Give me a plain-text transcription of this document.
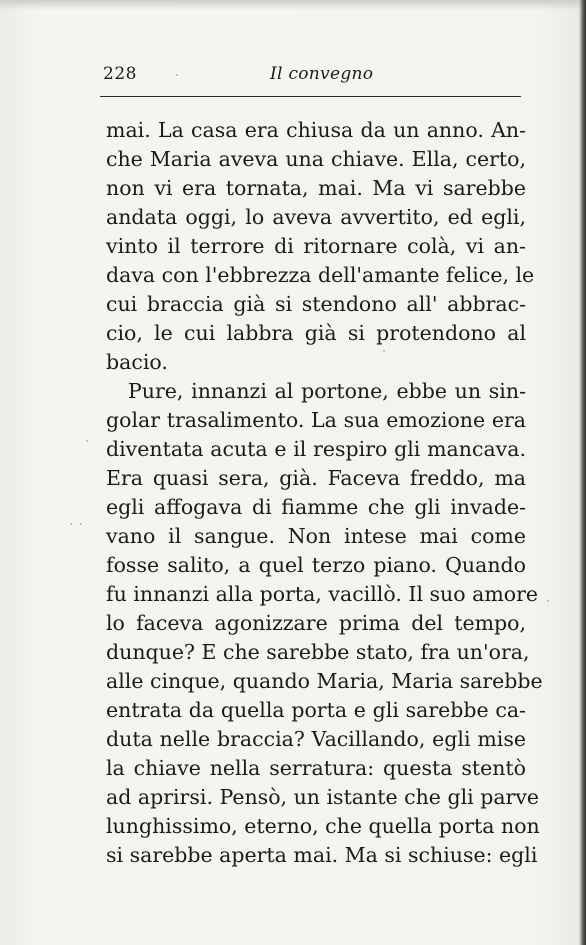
228	Il convegno
mai. La casa era chiusa da un anno. An-
che Maria aveva una chiave. Ella, certo,
non vi era tornata, mai. Ma vi sarebbe
andata oggi, lo aveva avvertito, ed egli,
vinto il terrore di ritornare colà, vi an-
dava con l'ebbrezza dell'amante felice, le
cui braccia già si stendono all' abbrac-
cio, le cui labbra già si protendono al
bacio.
Pure, innanzi al portone, ebbe un sin-
golar trasalimento. La sua emozione era
diventata acuta e il respiro gli mancava.
Era quasi sera, già. Faceva freddo, ma
egli affogava di fiamme che gli invade-
vano il sangue. Non intese mai come
fosse salito, a quel terzo piano. Quando
fu innanzi alla porta, vacillò. Il suo amore
lo faceva agonizzare prima del tempo,
dunque? E che sarebbe stato, fra un'ora,
alle cinque, quando Maria, Maria sarebbe
entrata da quella porta e gli sarebbe ca-
duta nelle braccia? Vacillando, egli mise
la chiave nella serratura: questa stentò
ad aprirsi. Pensò, un istante che gli parve
lunghissimo, eterno, che quella porta non
si sarebbe aperta mai. Ma si schiuse: egli
